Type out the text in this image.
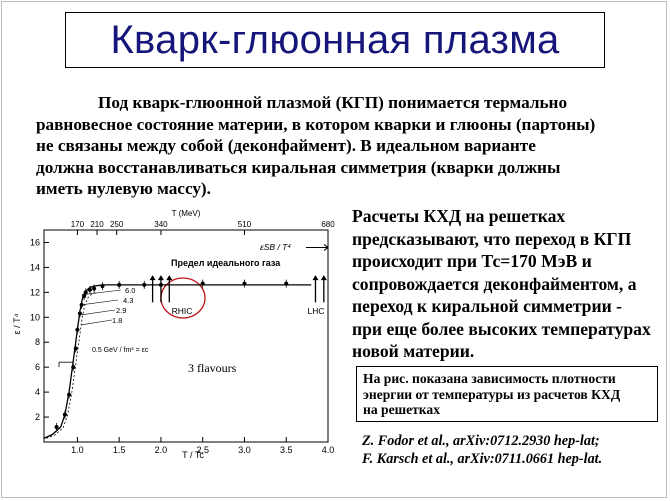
Кварк-глюонная плазма

Под кварк-глюонной плазмой (КГП) понимается термально

равновесное состояние материи, в котором кварки и глюоны (партоны)

не связаны между собой (деконфаймент). В идеальном варианте

должна восстанавливаться киральная симметрия (кварки должны

иметь нулевую массу).

T (MeV)
ε / T⁴
T / Tc
Предел идеального газа
εSB / T⁴
3 flavours
0.5 GeV / fm³ = εc
RHIC	LHC
6.0
4.3
2.9
1.8
1.0	1.5	2.0	2.5	3.0	3.5	4.0
2
4
6
8
10
12
14
16
170 210 250	340	510	680 Расчеты КХД на решетках
предсказывают, что переход в КГП
происходит при Тс=170 МэВ и
сопровождается деконфайментом, а
переход к киральной симметрии -
при еще более высоких температурах
новой материи.
На рис. показана зависимость плотности
энергии от температуры из расчетов КХД
на решетках
Z. Fodor et al., arXiv:0712.2930 hep-lat;
F. Karsch et al., arXiv:0711.0661 hep-lat.
